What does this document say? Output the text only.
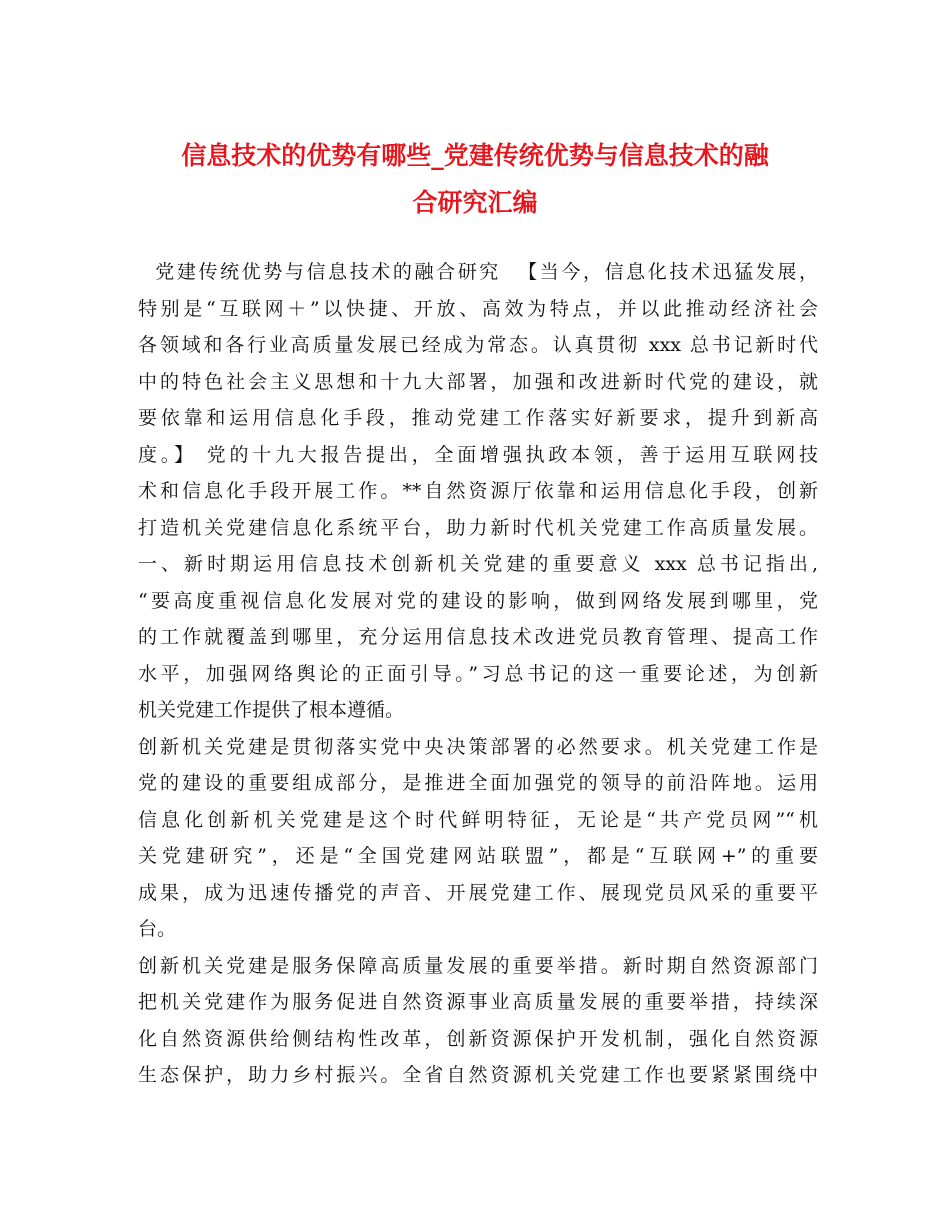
信息技术的优势有哪些_党建传统优势与信息技术的融
合研究汇编
党建传统优势与信息技术的融合研究  【当今，信息化技术迅猛发展，
特别是“互联网＋”以快捷、开放、高效为特点，并以此推动经济社会
各领域和各行业高质量发展已经成为常态。认真贯彻 xxx 总书记新时代
中的特色社会主义思想和十九大部署，加强和改进新时代党的建设，就
要依靠和运用信息化手段，推动党建工作落实好新要求，提升到新高
度。】 党的十九大报告提出，全面增强执政本领，善于运用互联网技
术和信息化手段开展工作。**自然资源厅依靠和运用信息化手段，创新
打造机关党建信息化系统平台，助力新时代机关党建工作高质量发展。
一、新时期运用信息技术创新机关党建的重要意义 xxx 总书记指出,
“要高度重视信息化发展对党的建设的影响，做到网络发展到哪里，党
的工作就覆盖到哪里，充分运用信息技术改进党员教育管理、提高工作
水平，加强网络舆论的正面引导。”习总书记的这一重要论述，为创新
机关党建工作提供了根本遵循。
创新机关党建是贯彻落实党中央决策部署的必然要求。机关党建工作是
党的建设的重要组成部分，是推进全面加强党的领导的前沿阵地。运用
信息化创新机关党建是这个时代鲜明特征，无论是“共产党员网”“机
关党建研究”，还是“全国党建网站联盟”，都是“互联网+”的重要
成果，成为迅速传播党的声音、开展党建工作、展现党员风采的重要平
台。
创新机关党建是服务保障高质量发展的重要举措。新时期自然资源部门
把机关党建作为服务促进自然资源事业高质量发展的重要举措，持续深
化自然资源供给侧结构性改革，创新资源保护开发机制，强化自然资源
生态保护，助力乡村振兴。全省自然资源机关党建工作也要紧紧围绕中
